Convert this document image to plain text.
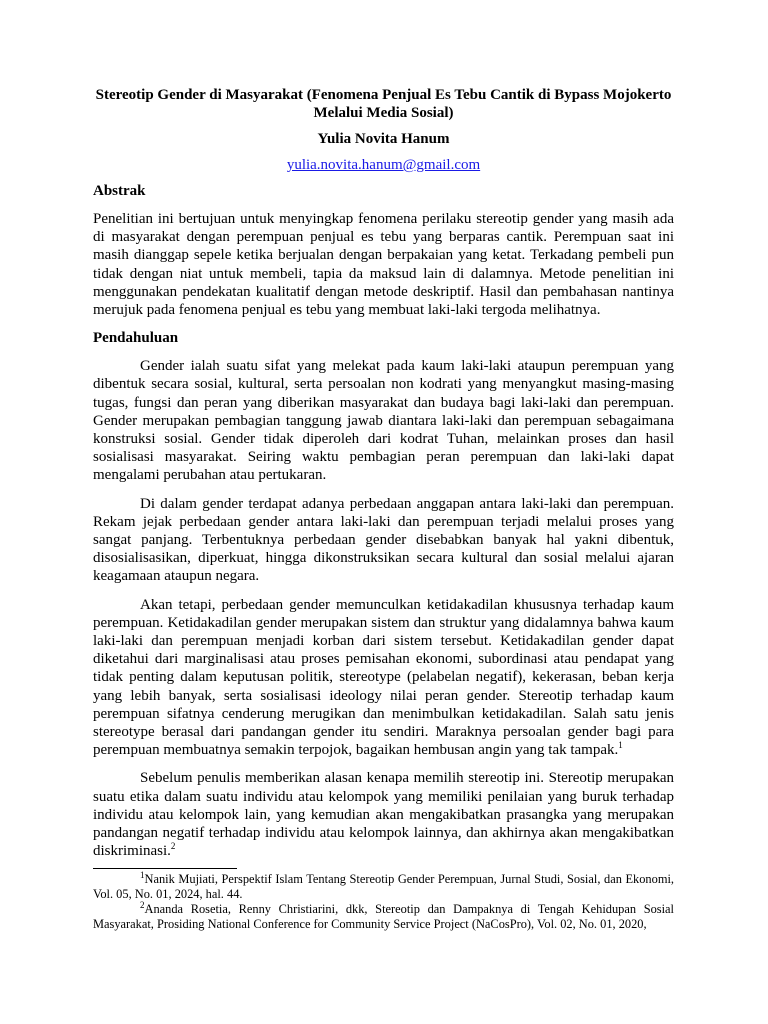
Stereotip Gender di Masyarakat (Fenomena Penjual Es Tebu Cantik di Bypass Mojokerto Melalui Media Sosial)

Yulia Novita Hanum

yulia.novita.hanum@gmail.com

Abstrak

Penelitian ini bertujuan untuk menyingkap fenomena perilaku stereotip gender yang masih ada di masyarakat dengan perempuan penjual es tebu yang berparas cantik. Perempuan saat ini masih dianggap sepele ketika berjualan dengan berpakaian yang ketat. Terkadang pembeli pun tidak dengan niat untuk membeli, tapia da maksud lain di dalamnya. Metode penelitian ini menggunakan pendekatan kualitatif dengan metode deskriptif. Hasil dan pembahasan nantinya merujuk pada fenomena penjual es tebu yang membuat laki-laki tergoda melihatnya.

Pendahuluan

Gender ialah suatu sifat yang melekat pada kaum laki-laki ataupun perempuan yang dibentuk secara sosial, kultural, serta persoalan non kodrati yang menyangkut masing-masing tugas, fungsi dan peran yang diberikan masyarakat dan budaya bagi laki-laki dan perempuan. Gender merupakan pembagian tanggung jawab diantara laki-laki dan perempuan sebagaimana konstruksi sosial. Gender tidak diperoleh dari kodrat Tuhan, melainkan proses dan hasil sosialisasi masyarakat. Seiring waktu pembagian peran perempuan dan laki-laki dapat mengalami perubahan atau pertukaran.

Di dalam gender terdapat adanya perbedaan anggapan antara laki-laki dan perempuan. Rekam jejak perbedaan gender antara laki-laki dan perempuan terjadi melalui proses yang sangat panjang. Terbentuknya perbedaan gender disebabkan banyak hal yakni dibentuk, disosialisasikan, diperkuat, hingga dikonstruksikan secara kultural dan sosial melalui ajaran keagamaan ataupun negara.

Akan tetapi, perbedaan gender memunculkan ketidakadilan khususnya terhadap kaum perempuan. Ketidakadilan gender merupakan sistem dan struktur yang didalamnya bahwa kaum laki-laki dan perempuan menjadi korban dari sistem tersebut. Ketidakadilan gender dapat diketahui dari marginalisasi atau proses pemisahan ekonomi, subordinasi atau pendapat yang tidak penting dalam keputusan politik, stereotype (pelabelan negatif), kekerasan, beban kerja yang lebih banyak, serta sosialisasi ideology nilai peran gender. Stereotip terhadap kaum perempuan sifatnya cenderung merugikan dan menimbulkan ketidakadilan. Salah satu jenis stereotype berasal dari pandangan gender itu sendiri. Maraknya persoalan gender bagi para perempuan membuatnya semakin terpojok, bagaikan hembusan angin yang tak tampak.$^1$

Sebelum penulis memberikan alasan kenapa memilih stereotip ini. Stereotip merupakan suatu etika dalam suatu individu atau kelompok yang memiliki penilaian yang buruk terhadap individu atau kelompok lain, yang kemudian akan mengakibatkan prasangka yang merupakan pandangan negatif terhadap individu atau kelompok lainnya, dan akhirnya akan mengakibatkan diskriminasi.$^2$

$^1$Nanik Mujiati, Perspektif Islam Tentang Stereotip Gender Perempuan, Jurnal Studi, Sosial, dan Ekonomi, Vol. 05, No. 01, 2024, hal. 44.

$^2$Ananda Rosetia, Renny Christiarini, dkk, Stereotip dan Dampaknya di Tengah Kehidupan Sosial Masyarakat, Prosiding National Conference for Community Service Project (NaCosPro), Vol. 02, No. 01, 2020,
